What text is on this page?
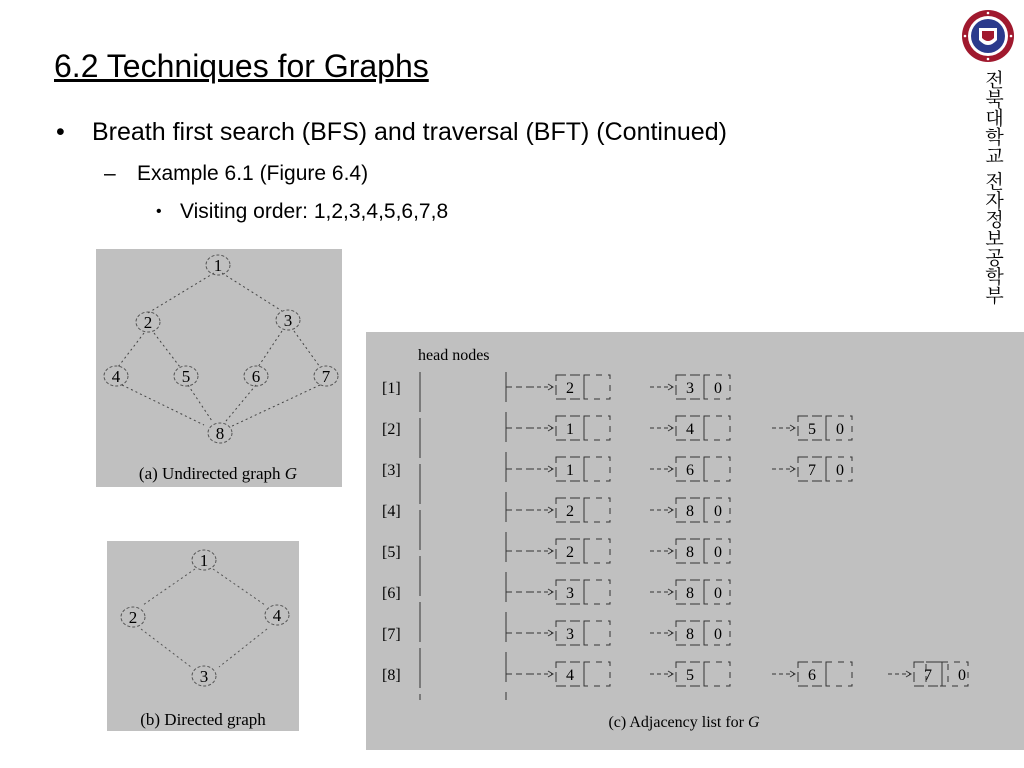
6.2 Techniques for Graphs
• Breath first search (BFS) and traversal (BFT) (Continued)
– Example 6.1 (Figure 6.4)
• Visiting order: 1,2,3,4,5,6,7,8	전북대학교 전자정보공학부
1
2	3
4	5	6	7
8
(a) Undirected graph G
1
2
3
4
(b) Directed graph
head nodes
[1]	2	3 0
[2]	1	4	5 0
[3]	1	6	7 0
[4]	2	8 0
[5]	2	8 0
[6]	3	8 0
[7]	3	8 0
[8]	4	5	6	7 0
(c) Adjacency list for G
